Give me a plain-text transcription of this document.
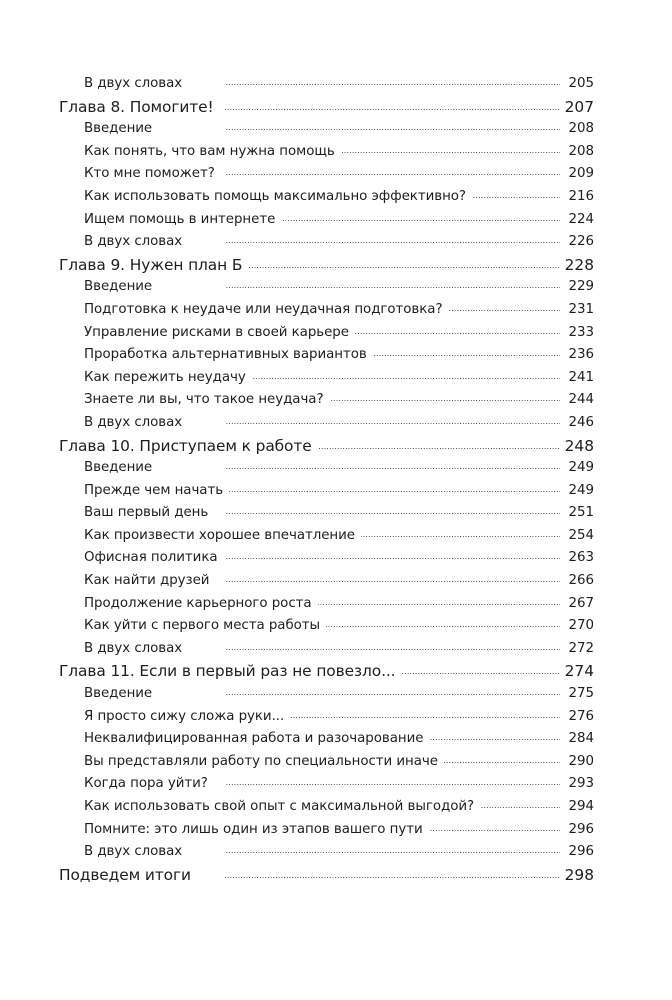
В двух словах . . .	205
Глава 8. Помогите! . . .	207
Введение . . .	208
Как понять, что вам нужна помощь . . .	208
Кто мне поможет? . . .	209
Как использовать помощь максимально эффективно? . . .	216
Ищем помощь в интернете . . .	224
В двух словах . . .	226
Глава 9. Нужен план Б . . .	228
Введение . . .	229
Подготовка к неудаче или неудачная подготовка? . . .	231
Управление рисками в своей карьере . . .	233
Проработка альтернативных вариантов . . .	236
Как пережить неудачу . . .	241
Знаете ли вы, что такое неудача? . . .	244
В двух словах . . .	246
Глава 10. Приступаем к работе . . .	248
Введение . . .	249
Прежде чем начать . . .	249
Ваш первый день . . .	251
Как произвести хорошее впечатление . . .	254
Офисная политика . . .	263
Как найти друзей . . .	266
Продолжение карьерного роста . . .	267
Как уйти с первого места работы . . .	270
В двух словах . . .	272
Глава 11. Если в первый раз не повезло... . . .	274
Введение . . .	275
Я просто сижу сложа руки... . . .	276
Неквалифицированная работа и разочарование . . .	284
Вы представляли работу по специальности иначе . . .	290
Когда пора уйти? . . .	293
Как использовать свой опыт с максимальной выгодой? . . .	294
Помните: это лишь один из этапов вашего пути . . .	296
В двух словах . . .	296
Подведем итоги . . .	298
